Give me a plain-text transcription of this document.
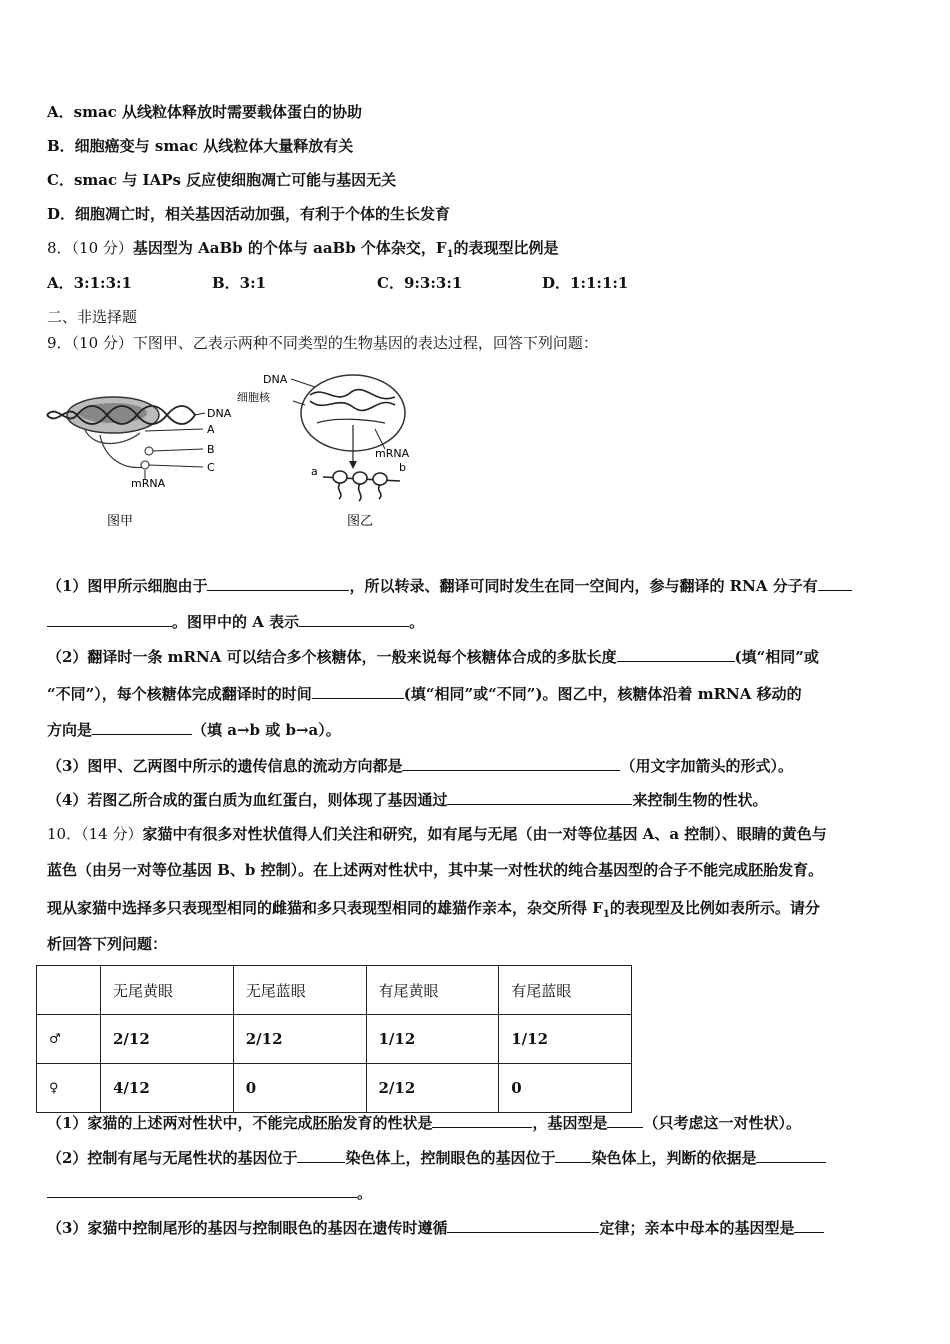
A．smac 从线粒体释放时需要载体蛋白的协助
B．细胞癌变与 smac 从线粒体大量释放有关
C．smac 与 IAPs 反应使细胞凋亡可能与基因无关
D．细胞凋亡时，相关基因活动加强，有利于个体的生长发育
8．（10 分）基因型为 AaBb 的个体与 aaBb 个体杂交，$F_1$的表现型比例是
A．3:1:3:1	B．3:1	C．9:3:3:1	D．1:1:1:1
二、非选择题
9．（10 分）下图甲、乙表示两种不同类型的生物基因的表达过程，回答下列问题：
DNA
A
B
C
mRNA
图甲
DNA
细胞核
mRNA
a	b
图乙
（1）图甲所示细胞由于	，所以转录、翻译可同时发生在同一空间内，参与翻译的 RNA 分子有
。图甲中的 A 表示	。
（2）翻译时一条 mRNA 可以结合多个核糖体，一般来说每个核糖体合成的多肽长度	(填“相同”或
“不同”），每个核糖体完成翻译时的时间	(填“相同”或“不同”)。图乙中，核糖体沿着 mRNA 移动的
方向是	（填 a→b 或 b→a）。
（3）图甲、乙两图中所示的遗传信息的流动方向都是	（用文字加箭头的形式）。
（4）若图乙所合成的蛋白质为血红蛋白，则体现了基因通过	来控制生物的性状。
10．（14 分）家猫中有很多对性状值得人们关注和研究，如有尾与无尾（由一对等位基因 A、a 控制）、眼睛的黄色与
蓝色（由另一对等位基因 B、b 控制）。在上述两对性状中，其中某一对性状的纯合基因型的合子不能完成胚胎发育。
现从家猫中选择多只表现型相同的雌猫和多只表现型相同的雄猫作亲本，杂交所得 $F_1$的表现型及比例如表所示。请分
析回答下列问题：
	无尾黄眼	无尾蓝眼	有尾黄眼	有尾蓝眼
♂	2/12	2/12	1/12	1/12
♀	4/12	0	2/12	0
（1）家猫的上述两对性状中，不能完成胚胎发育的性状是	，基因型是 （只考虑这一对性状）。
（2）控制有尾与无尾性状的基因位于	染色体上，控制眼色的基因位于 染色体上，判断的依据是
。
（3）家猫中控制尾形的基因与控制眼色的基因在遗传时遵循	定律；亲本中母本的基因型是
